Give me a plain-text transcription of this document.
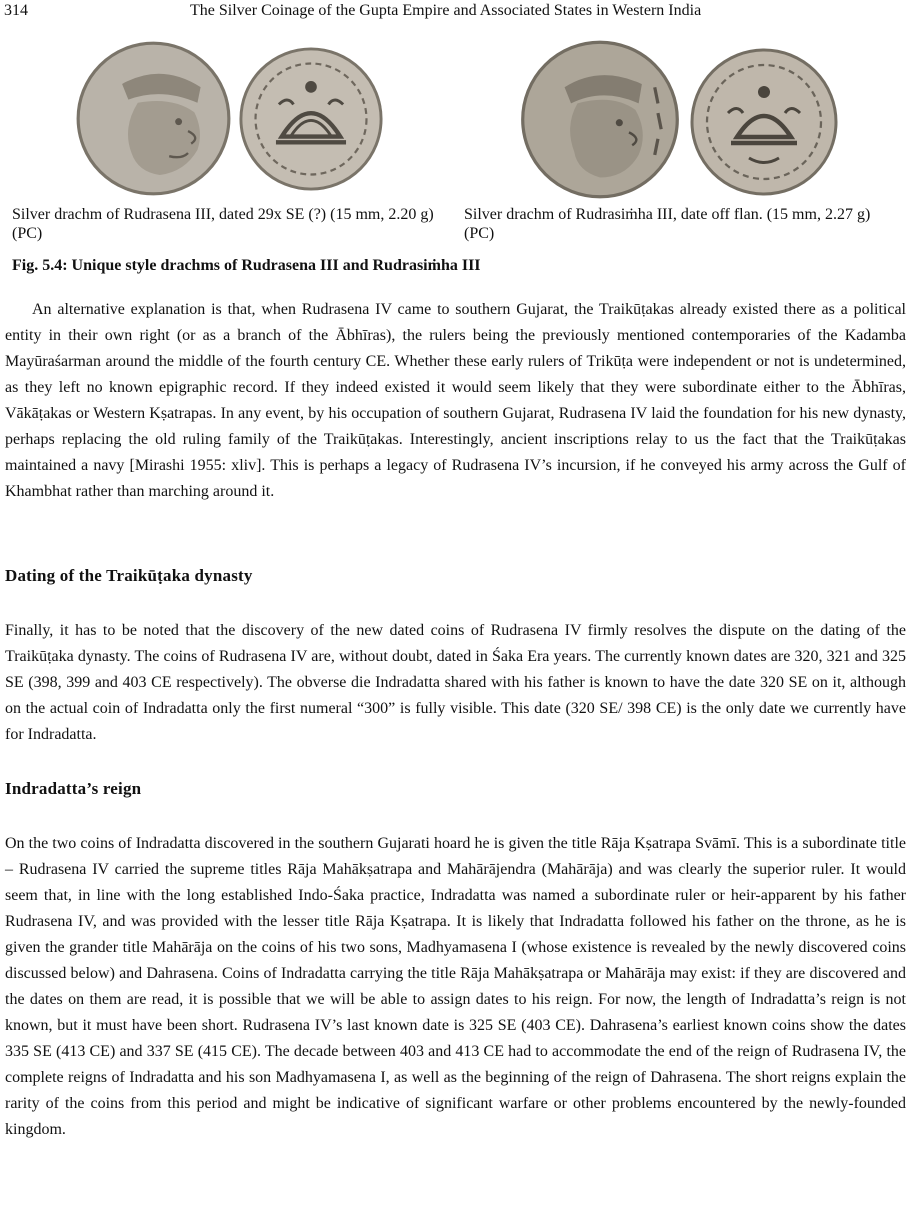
314	The Silver Coinage of the Gupta Empire and Associated States in Western India
Silver drachm of Rudrasena III, dated 29x SE (?) (15 mm, 2.20 g) (PC)
Silver drachm of Rudrasiṁha III, date off flan. (15 mm, 2.27 g) (PC)
Fig. 5.4: Unique style drachms of Rudrasena III and Rudrasiṁha III

An alternative explanation is that, when Rudrasena IV came to southern Gujarat, the Traikūṭakas already existed there as a political entity in their own right (or as a branch of the Ābhīras), the rulers being the previously mentioned contemporaries of the Kadamba Mayūraśarman around the middle of the fourth century CE. Whether these early rulers of Trikūṭa were independent or not is undetermined, as they left no known epigraphic record. If they indeed existed it would seem likely that they were subordinate either to the Ābhīras, Vākāṭakas or Western Kṣatrapas. In any event, by his occupation of southern Gujarat, Rudrasena IV laid the foundation for his new dynasty, perhaps replacing the old ruling family of the Traikūṭakas. Interestingly, ancient inscriptions relay to us the fact that the Traikūṭakas maintained a navy [Mirashi 1955: xliv]. This is perhaps a legacy of Rudrasena IV’s incursion, if he conveyed his army across the Gulf of Khambhat rather than marching around it.

Dating of the Traikūṭaka dynasty

Finally, it has to be noted that the discovery of the new dated coins of Rudrasena IV firmly resolves the dispute on the dating of the Traikūṭaka dynasty. The coins of Rudrasena IV are, without doubt, dated in Śaka Era years. The currently known dates are 320, 321 and 325 SE (398, 399 and 403 CE respectively). The obverse die Indradatta shared with his father is known to have the date 320 SE on it, although on the actual coin of Indradatta only the first numeral “300” is fully visible. This date (320 SE/ 398 CE) is the only date we currently have for Indradatta.

Indradatta’s reign

On the two coins of Indradatta discovered in the southern Gujarati hoard he is given the title Rāja Kṣatrapa Svāmī. This is a subordinate title – Rudrasena IV carried the supreme titles Rāja Mahākṣatrapa and Mahārājendra (Mahārāja) and was clearly the superior ruler. It would seem that, in line with the long established Indo-Śaka practice, Indradatta was named a subordinate ruler or heir-apparent by his father Rudrasena IV, and was provided with the lesser title Rāja Kṣatrapa. It is likely that Indradatta followed his father on the throne, as he is given the grander title Mahārāja on the coins of his two sons, Madhyamasena I (whose existence is revealed by the newly discovered coins discussed below) and Dahrasena. Coins of Indradatta carrying the title Rāja Mahākṣatrapa or Mahārāja may exist: if they are discovered and the dates on them are read, it is possible that we will be able to assign dates to his reign. For now, the length of Indradatta’s reign is not known, but it must have been short. Rudrasena IV’s last known date is 325 SE (403 CE). Dahrasena’s earliest known coins show the dates 335 SE (413 CE) and 337 SE (415 CE). The decade between 403 and 413 CE had to accommodate the end of the reign of Rudrasena IV, the complete reigns of Indradatta and his son Madhyamasena I, as well as the beginning of the reign of Dahrasena. The short reigns explain the rarity of the coins from this period and might be indicative of significant warfare or other problems encountered by the newly-founded kingdom.
